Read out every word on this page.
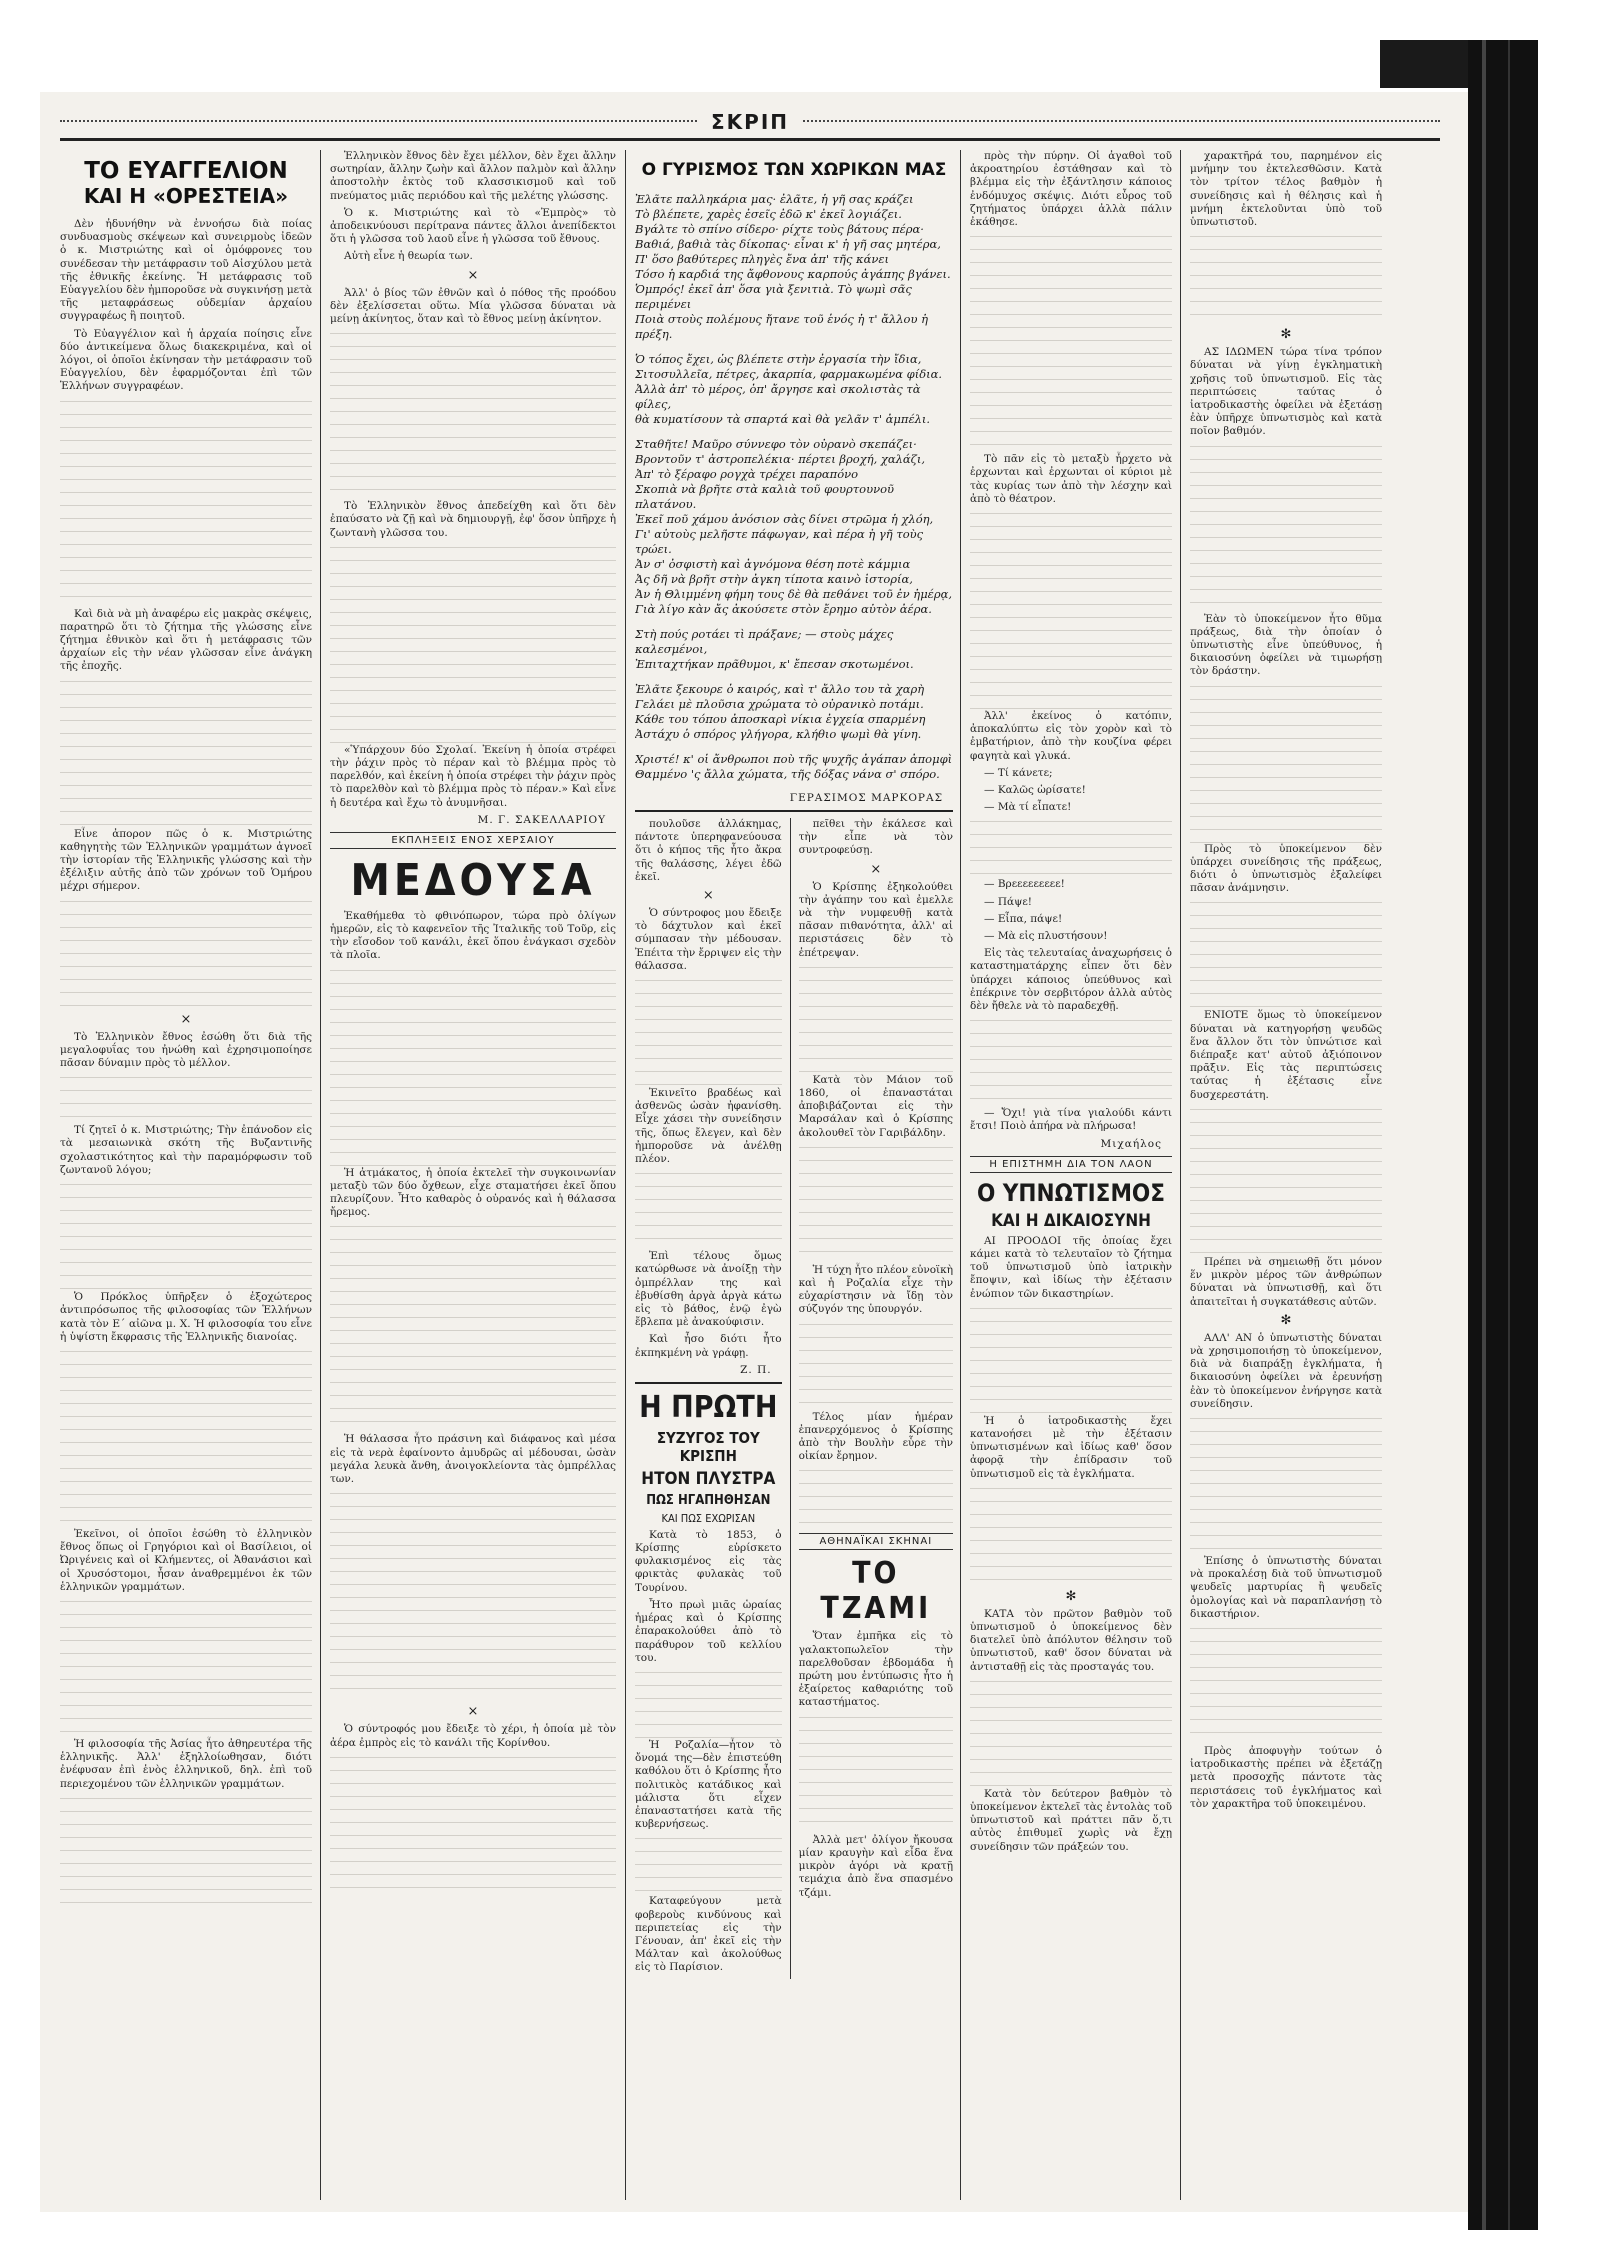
ΣΚΡΙΠ
ΤΟ ΕΥΑΓΓΕΛΙΟΝ
ΚΑΙ Η «ΟΡΕΣΤΕΙΑ»

Δὲν ἠδυνήθην νὰ ἐννοήσω διὰ ποίας συνδυασμοὺς σκέψεων καὶ συνειρμοὺς ἰδεῶν ὁ κ. Μιστριώτης καὶ οἱ ὁμόφρονες του συνέδεσαν τὴν μετάφρασιν τοῦ Αἰσχύλου μετὰ τῆς ἐθνικῆς ἐκείνης. Ἡ μετάφρασις τοῦ Εὐαγγελίου δὲν ἠμποροῦσε νὰ συγκινήσῃ μετὰ τῆς μεταφράσεως οὐδεμίαν ἀρχαίου συγγραφέως ἢ ποιητοῦ.

Τὸ Εὐαγγέλιον καὶ ἡ ἀρχαία ποίησις εἶνε δύο ἀντικείμενα ὅλως διακεκριμένα, καὶ οἱ λόγοι, οἱ ὁποῖοι ἐκίνησαν τὴν μετάφρασιν τοῦ Εὐαγγελίου, δὲν ἐφαρμόζονται ἐπὶ τῶν Ἑλλήνων συγγραφέων.

Καὶ διὰ νὰ μὴ ἀναφέρω εἰς μακρὰς σκέψεις, παρατηρῶ ὅτι τὸ ζήτημα τῆς γλώσσης εἶνε ζήτημα ἐθνικὸν καὶ ὅτι ἡ μετάφρασις τῶν ἀρχαίων εἰς τὴν νέαν γλῶσσαν εἶνε ἀνάγκη τῆς ἐποχῆς.

Εἶνε ἀπορον πῶς ὁ κ. Μιστριώτης καθηγητὴς τῶν Ἑλληνικῶν γραμμάτων ἀγνοεῖ τὴν ἱστορίαν τῆς Ἑλληνικῆς γλώσσης καὶ τὴν ἐξέλιξιν αὐτῆς ἀπὸ τῶν χρόνων τοῦ Ὁμήρου μέχρι σήμερον.

×

Τὸ Ἑλληνικὸν ἔθνος ἐσώθη ὅτι διὰ τῆς μεγαλοφυΐας του ἠνώθη καὶ ἐχρησιμοποίησε πᾶσαν δύναμιν πρὸς τὸ μέλλον.

Τί ζητεῖ ὁ κ. Μιστριώτης; Τὴν ἐπάνοδον εἰς τὰ μεσαιωνικὰ σκότη τῆς Βυζαντινῆς σχολαστικότητος καὶ τὴν παραμόρφωσιν τοῦ ζωντανοῦ λόγου;

Ὁ Πρόκλος ὑπῆρξεν ὁ ἐξοχώτερος ἀντιπρόσωπος τῆς φιλοσοφίας τῶν Ἑλλήνων κατὰ τὸν Ε΄ αἰῶνα μ. Χ. Ἡ φιλοσοφία του εἶνε ἡ ὑψίστη ἔκφρασις τῆς Ἑλληνικῆς διανοίας.

Ἐκεῖνοι, οἱ ὁποῖοι ἐσώθη τὸ ἑλληνικὸν ἔθνος ὅπως οἱ Γρηγόριοι καὶ οἱ Βασίλειοι, οἱ Ὠριγένεις καὶ οἱ Κλήμεντες, οἱ Ἀθανάσιοι καὶ οἱ Χρυσόστομοι, ἦσαν ἀναθρεμμένοι ἐκ τῶν ἑλληνικῶν γραμμάτων.

Ἡ φιλοσοφία τῆς Ἀσίας ἦτο ἀθηρευτέρα τῆς ἑλληνικῆς. Ἀλλ' ἐξηλλοίωθησαν, διότι ἐνέφυσαν ἐπὶ ἑνὸς ἑλληνικοῦ, δηλ. ἐπὶ τοῦ περιεχομένου τῶν ἑλληνικῶν γραμμάτων.

Ἑλληνικὸν ἔθνος δὲν ἔχει μέλλον, δὲν ἔχει ἄλλην σωτηρίαν, ἄλλην ζωὴν καὶ ἄλλον παλμὸν καὶ ἄλλην ἀποστολὴν ἐκτὸς τοῦ κλασσικισμοῦ καὶ τοῦ πνεύματος μιᾶς περιόδου καὶ τῆς μελέτης γλώσσης.

Ὁ κ. Μιστριώτης καὶ τὸ «Ἐμπρὸς» τὸ ἀποδεικνύουσι περίτρανα πάντες ἄλλοι ἀνεπίδεκτοι ὅτι ἡ γλῶσσα τοῦ λαοῦ εἶνε ἡ γλῶσσα τοῦ ἔθνους.

Αὐτὴ εἶνε ἡ θεωρία των.

×

Ἀλλ' ὁ βίος τῶν ἐθνῶν καὶ ὁ πόθος τῆς προόδου δὲν ἐξελίσσεται οὕτω. Μία γλῶσσα δύναται νὰ μείνῃ ἀκίνητος, ὅταν καὶ τὸ ἔθνος μείνῃ ἀκίνητον.

Τὸ Ἑλληνικὸν ἔθνος ἀπεδείχθη καὶ ὅτι δὲν ἐπαύσατο νὰ ζῇ καὶ νὰ δημιουργῇ, ἐφ' ὅσον ὑπῆρχε ἡ ζωντανὴ γλῶσσα του.

«Ὑπάρχουν δύο Σχολαί. Ἐκείνη ἡ ὁποία στρέφει τὴν ῥάχιν πρὸς τὸ πέραν καὶ τὸ βλέμμα πρὸς τὸ παρελθόν, καὶ ἐκείνη ἡ ὁποία στρέφει τὴν ῥάχιν πρὸς τὸ παρελθὸν καὶ τὸ βλέμμα πρὸς τὸ πέραν.» Καὶ εἶνε ἡ δευτέρα καὶ ἔχω τὸ ἀνυμνῆσαι.

Μ. Γ. ΣΑΚΕΛΛΑΡΙΟΥ
ΕΚΠΛΗΞΕΙΣ ΕΝΟΣ ΧΕΡΣΑΙΟΥ
ΜΕΔΟΥΣΑ

Ἐκαθήμεθα τὸ φθινόπωρον, τώρα πρὸ ὀλίγων ἡμερῶν, εἰς τὸ καφενεῖον τῆς Ἰταλικῆς τοῦ Τοῦρ, εἰς τὴν εἴσοδον τοῦ κανάλι, ἐκεῖ ὅπου ἐνάγκασι σχεδὸν τὰ πλοῖα.

Ἡ ἀτμάκατος, ἡ ὁποία ἐκτελεῖ τὴν συγκοινωνίαν μεταξὺ τῶν δύο ὄχθεων, εἶχε σταματήσει ἐκεῖ ὅπου πλευρίζουν. Ἦτο καθαρὸς ὁ οὐρανός καὶ ἡ θάλασσα ἤρεμος.

Ἡ θάλασσα ἦτο πράσινη καὶ διάφανος καὶ μέσα εἰς τὰ νερὰ ἐφαίνοντο ἀμυδρῶς αἱ μέδουσαι, ὡσὰν μεγάλα λευκὰ ἄνθη, ἀνοιγοκλείοντα τὰς ὀμπρέλλας των.

×

Ὁ σύντροφός μου ἔδειξε τὸ χέρι, ἡ ὁποία μὲ τὸν ἀέρα ἐμπρὸς εἰς τὸ κανάλι τῆς Κορίνθου.

Ο ΓΥΡΙΣΜΟΣ ΤΩΝ ΧΩΡΙΚΩΝ ΜΑΣ

Ἐλᾶτε παλληκάρια μας· ἐλᾶτε, ἡ γῆ σας κράζει
Τὸ βλέπετε, χαρὲς ἐσεῖς ἐδῶ κ' ἐκεῖ λογιάζει.
Βγάλτε τὸ σπίνο σίδερο· ρίχτε τοὺς βάτους πέρα·
Βαθιά, βαθιὰ τὰς δίκοπας· εἶναι κ' ἡ γῆ σας μητέρα,
Π' ὅσο βαθύτερες πληγὲς ἔνα ἀπ' τῆς κάνει
Τόσο ἡ καρδιά της ἄφθονους καρπούς ἀγάπης βγάνει.
Ὁμπρός! ἐκεῖ ἀπ' ὅσα γιὰ ξενιτιὰ. Τὸ ψωμὶ σᾶς περιμένει
Ποιὰ στοὺς πολέμους ἤτανε τοῦ ἑνός ἡ τ' ἄλλου ἡ πρέξη.

Ὁ τόπος ἔχει, ὡς βλέπετε στὴν ἐργασία τὴν ἴδια,
Σιτοσυλλεῖα, πέτρες, ἀκαρπία, φαρμακωμένα φίδια.
Ἀλλὰ ἀπ' τὸ μέρος, ὁπ' ἄργησε καὶ σκολιστὰς τὰ φίλες,
θὰ κυματίσουν τὰ σπαρτά καὶ θὰ γελᾶν τ' ἀμπέλι.

Σταθῆτε! Μαῦρο σύννεφο τὸν οὐρανὸ σκεπάζει·
Βροντοῦν τ' ἀστροπελέκια· πέρτει βροχή, χαλάζι,
Ἀπ' τὸ ξέραφο ρογχὰ τρέχει παραπόνο
Σκοπιὰ νὰ βρῆτε στὰ καλιὰ τοῦ φουρτουνοῦ πλατάνου.
Ἐκεῖ ποῦ χάμου ἀνόσιον σὰς δίνει στρῶμα ἡ χλόη,
Γι' αὐτοὺς μελῆστε πάφωγαν, καὶ πέρα ἡ γῆ τοὺς τρώει.
Ἀν σ' ὀσφιστὴ καὶ ἀγνόμονα θέση ποτὲ κάμμια
Ἀς δῆ νὰ βρῆτ στὴν ἀγκη τίποτα καινὸ ἱστορία,
Ἀν ἡ Θλιμμένη φήμη τους δὲ θὰ πεθάνει τοῦ ἐν ἡμέρᾳ,
Γιὰ λίγο κὰν ἄς ἀκούσετε στὸν ἔρημο αὐτὸν ἀέρα.

Στὴ πούς ροτάει τὶ πράξανε; — στοὺς μάχες καλεσμένοι,
Ἐπιταχτήκαν πρᾶθυμοι, κ' ἔπεσαν σκοτωμένοι.

Ἐλᾶτε ξεκουρε ὁ καιρός, καὶ τ' ἄλλο του τὰ χαρὴ
Γελάει μὲ πλοῦσια χρώματα τὸ οὐρανικὸ ποτάμι.
Κάθε του τόπου ἀποσκαρὶ νίκια ἐγχεία σπαρμένη
Ἀστάχυ ὁ σπόρος γλήγορα, κλήθιο ψωμὶ θὰ γίνη.

Χριστέ! κ' οἱ ἄνθρωποι ποὺ τῆς ψυχῆς ἀγάπαν ἀπομφὶ
Θαμμένο 'ς ἄλλα χώματα, τῆς δόξας νάνα σ' σπόρο.

ΓΕΡΑΣΙΜΟΣ ΜΑΡΚΟΡΑΣ

πουλοῦσε ἀλλάκημας, πάντοτε ὑπερηφανεύουσα ὅτι ὁ κήπος τῆς ἦτο ἄκρα τῆς θαλάσσης, λέγει ἐδῶ ἐκεῖ.

×

Ὁ σύντροφος μου ἔδειξε τὸ δάχτυλον καὶ ἐκεῖ σύμπασαν τὴν μέδουσαν. Ἐπέιτα τὴν ἔρριψεν εἰς τὴν θάλασσα.

Ἐκινεῖτο βραδέως καὶ ἀσθενῶς ὡσὰν ἠφανίσθη. Εἶχε χάσει τὴν συνείδησιν τῆς, ὅπως ἔλεγεν, καὶ δὲν ἠμποροῦσε νὰ ἀνέλθῃ πλέον.

Ἐπὶ τέλους ὅμως κατώρθωσε νὰ ἀνοίξῃ τὴν ὀμπρέλλαν της καὶ ἐβυθίσθη ἀργὰ ἀργὰ κάτω εἰς τὸ βάθος, ἐνῷ ἐγὼ ἔβλεπα μὲ ἀνακούφισιν.

Καὶ ἦσο διότι ἦτο ἐκπηκμένη νὰ γράφῃ.

Ζ. Π.
Η ΠΡΩΤΗ
ΣΥΖΥΓΟΣ ΤΟΥ ΚΡΙΣΠΗ
ΗΤΟΝ ΠΛΥΣΤΡΑ
ΠΩΣ ΗΓΑΠΗΘΗΣΑΝ
ΚΑΙ ΠΩΣ ΕΧΩΡΙΣΑΝ

Κατὰ τὸ 1853, ὁ Κρίσπης εὑρίσκετο φυλακισμένος εἰς τὰς φρικτὰς φυλακὰς τοῦ Τουρίνου.

Ἦτο πρωὶ μιᾶς ὡραίας ἡμέρας καὶ ὁ Κρίσπης ἐπαρακολούθει ἀπὸ τὸ παράθυρον τοῦ κελλίου του.

Ἡ Ροζαλία—ἦτον τὸ ὄνομά της—δὲν ἐπιστεύθη καθόλου ὅτι ὁ Κρίσπης ἦτο πολιτικὸς κατάδικος καὶ μάλιστα ὅτι εἶχεν ἐπαναστατήσει κατὰ τῆς κυβερνήσεως.

Καταφεύγουν μετὰ φοβεροὺς κινδύνους καὶ περιπετείας εἰς τὴν Γένουαν, ἀπ' ἐκεῖ εἰς τὴν Μάλταν καὶ ἀκολούθως εἰς τὸ Παρίσιον.

πεῖθει τὴν ἐκάλεσε καὶ τὴν εἶπε νὰ τὸν συντροφεύσῃ.

×

Ὁ Κρίσπης ἐξηκολούθει τὴν ἀγάπην του καὶ ἐμελλε νὰ τὴν νυμφευθῇ κατὰ πᾶσαν πιθανότητα, ἀλλ' αἱ περιστάσεις δὲν τὸ ἐπέτρεψαν.

Κατὰ τὸν Μάιον τοῦ 1860, οἱ ἐπαναστάται ἀποβιβάζονται εἰς τὴν Μαρσάλαν καὶ ὁ Κρίσπης ἀκολουθεῖ τὸν Γαριβάλδην.

Ἡ τύχη ἦτο πλέον εὐνοϊκὴ καὶ ἡ Ροζαλία εἶχε τὴν εὐχαρίστησιν νὰ ἴδῃ τὸν σύζυγόν της ὑπουργόν.

Τέλος μίαν ἡμέραν ἐπανερχόμενος ὁ Κρίσπης ἀπὸ τὴν Βουλὴν εὗρε τὴν οἰκίαν ἔρημον.

ΑΘΗΝΑΪΚΑΙ ΣΚΗΝΑΙ
ΤΟ ΤΖΑΜΙ

Ὅταν ἐμπῆκα εἰς τὸ γαλακτοπωλεῖον τὴν παρελθοῦσαν ἑβδομάδα ἡ πρώτη μου ἐντύπωσις ἦτο ἡ ἐξαίρετος καθαριότης τοῦ καταστήματος.

Ἀλλὰ μετ' ὀλίγον ἤκουσα μίαν κραυγὴν καὶ εἶδα ἕνα μικρὸν ἀγόρι νὰ κρατῇ τεμάχια ἀπὸ ἕνα σπασμένο τζάμι.

πρὸς τὴν πύρην. Οἱ ἀγαθοὶ τοῦ ἀκροατηρίου ἐστάθησαν καὶ τὸ βλέμμα εἰς τὴν ἐξάντλησιν κάποιος ἐνδόμυχος σκέψις. Διότι εὗρος τοῦ ζητήματος ὑπάρχει ἀλλὰ πάλιν ἐκάθησε.

Τὸ πᾶν εἰς τὸ μεταξὺ ἦρχετο νὰ ἐρχωνται καὶ ἐρχωνται οἱ κύριοι μὲ τὰς κυρίας των ἀπὸ τὴν λέσχην καὶ ἀπὸ τὸ θέατρον.

Ἀλλ' ἐκείνος ὁ κατόπιν, ἀποκαλύπτω εἰς τὸν χορὸν καὶ τὸ ἐμβατήριον, ἀπὸ τὴν κουζίνα φέρει φαγητὰ καὶ γλυκά.

— Τί κάνετε;

— Καλῶς ὡρίσατε!

— Μὰ τί εἶπατε!

— Βρεεεεεεεεε!

— Πάψε!

— Εἶπα, πάψε!

— Μὰ εἰς πλυστήσουν!

Εἰς τὰς τελευταίας ἀναχωρήσεις ὁ καταστηματάρχης εἶπεν ὅτι δὲν ὑπάρχει κάποιος ὑπεύθυνος καὶ ἐπέκρινε τὸν σερβιτόρον ἀλλὰ αὐτὸς δὲν ἤθελε νὰ τὸ παραδεχθῇ.

— Ὄχι! γιὰ τίνα γιαλούδι κάντι ἔτσι! Ποιὸ ἀπήρα νὰ πλήρωσα!

Μιχαήλος
Η ΕΠΙΣΤΗΜΗ ΔΙΑ ΤΟΝ ΛΑΟΝ
Ο ΥΠΝΩΤΙΣΜΟΣ
ΚΑΙ Η ΔΙΚΑΙΟΣΥΝΗ

ΑΙ ΠΡΟΟΔΟΙ τῆς ὁποίας ἔχει κάμει κατὰ τὸ τελευταῖον τὸ ζήτημα τοῦ ὑπνωτισμοῦ ὑπὸ ἰατρικὴν ἔποψιν, καὶ ἰδίως τὴν ἐξέτασιν ἐνώπιον τῶν δικαστηρίων.

Ἡ ὁ ἰατροδικαστὴς ἔχει κατανοήσει μὲ τὴν ἐξέτασιν ὑπνωτισμένων καὶ ἰδίως καθ' ὅσον ἀφορᾷ τὴν ἐπίδρασιν τοῦ ὑπνωτισμοῦ εἰς τὰ ἐγκλήματα.

✻

ΚΑΤΑ τὸν πρῶτον βαθμὸν τοῦ ὑπνωτισμοῦ ὁ ὑποκείμενος δὲν διατελεῖ ὑπὸ ἀπόλυτον θέλησιν τοῦ ὑπνωτιστοῦ, καθ' ὅσον δύναται νὰ ἀντισταθῇ εἰς τὰς προσταγάς του.

Κατὰ τὸν δεύτερον βαθμὸν τὸ ὑποκείμενον ἐκτελεῖ τὰς ἐντολὰς τοῦ ὑπνωτιστοῦ καὶ πράττει πᾶν ὅ,τι αὐτὸς ἐπιθυμεῖ χωρὶς νὰ ἔχῃ συνείδησιν τῶν πράξεών του.

χαρακτῆρά του, παρημένον εἰς μνήμην του ἐκτελεσθῶσιν. Κατὰ τὸν τρίτον τέλος βαθμὸν ἡ συνείδησις καὶ ἡ θέλησις καὶ ἡ μνήμη ἐκτελοῦνται ὑπὸ τοῦ ὑπνωτιστοῦ.

✻

ΑΣ ΙΔΩΜΕΝ τώρα τίνα τρόπον δύναται νὰ γίνῃ ἐγκληματικὴ χρῆσις τοῦ ὑπνωτισμοῦ. Εἰς τὰς περιπτώσεις ταύτας ὁ ἰατροδικαστὴς ὀφείλει νὰ ἐξετάσῃ ἐὰν ὑπῆρχε ὑπνωτισμὸς καὶ κατὰ ποῖον βαθμόν.

Ἐὰν τὸ ὑποκείμενον ἦτο θῦμα πράξεως, διὰ τὴν ὁποίαν ὁ ὑπνωτιστὴς εἶνε ὑπεύθυνος, ἡ δικαιοσύνη ὀφείλει νὰ τιμωρήσῃ τὸν δράστην.

Πρὸς τὸ ὑποκείμενον δὲν ὑπάρχει συνείδησις τῆς πράξεως, διότι ὁ ὑπνωτισμὸς ἐξαλείφει πᾶσαν ἀνάμνησιν.

ΕΝΙΟΤΕ ὅμως τὸ ὑποκείμενον δύναται νὰ κατηγορήσῃ ψευδῶς ἕνα ἄλλον ὅτι τὸν ὑπνώτισε καὶ διέπραξε κατ' αὐτοῦ ἀξιόποινον πρᾶξιν. Εἰς τὰς περιπτώσεις ταύτας ἡ ἐξέτασις εἶνε δυσχερεστάτη.

Πρέπει νὰ σημειωθῇ ὅτι μόνον ἕν μικρὸν μέρος τῶν ἀνθρώπων δύναται νὰ ὑπνωτισθῇ, καὶ ὅτι ἀπαιτεῖται ἡ συγκατάθεσις αὐτῶν.

✻

ΑΛΛ' ΑΝ ὁ ὑπνωτιστὴς δύναται νὰ χρησιμοποιήσῃ τὸ ὑποκείμενον, διὰ νὰ διαπράξῃ ἐγκλήματα, ἡ δικαιοσύνη ὀφείλει νὰ ἐρευνήσῃ ἐὰν τὸ ὑποκείμενον ἐνήργησε κατὰ συνείδησιν.

Ἐπίσης ὁ ὑπνωτιστὴς δύναται νὰ προκαλέσῃ διὰ τοῦ ὑπνωτισμοῦ ψευδεῖς μαρτυρίας ἢ ψευδεῖς ὁμολογίας καὶ νὰ παραπλανήσῃ τὸ δικαστήριον.

Πρὸς ἀποφυγὴν τούτων ὁ ἰατροδικαστὴς πρέπει νὰ ἐξετάζῃ μετὰ προσοχῆς πάντοτε τὰς περιστάσεις τοῦ ἐγκλήματος καὶ τὸν χαρακτῆρα τοῦ ὑποκειμένου.
